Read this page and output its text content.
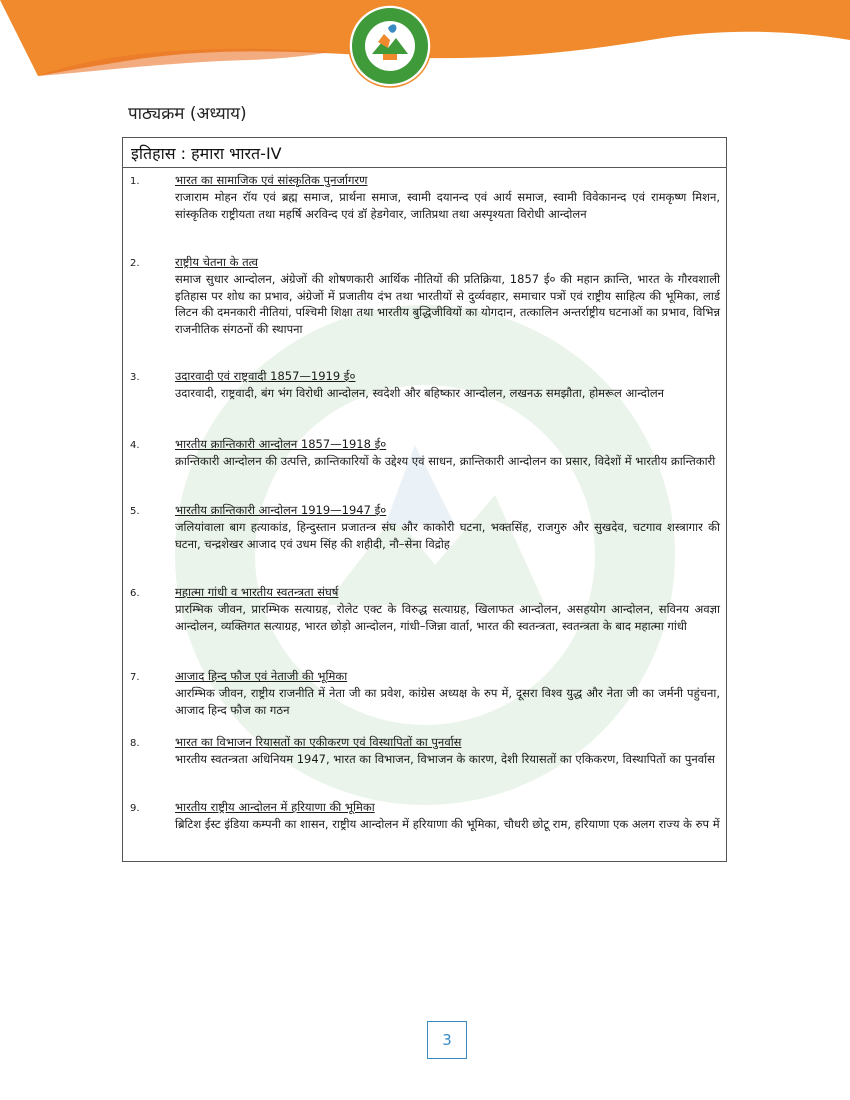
पाठ्यक्रम (अध्याय)
इतिहास : हमारा भारत-IV
1.	भारत का सामाजिक एवं सांस्कृतिक पुनर्जागरण
राजाराम मोहन रॉय एवं ब्रह्म समाज, प्रार्थना समाज, स्वामी दयानन्द एवं आर्य समाज, स्वामी विवेकानन्द एवं रामकृष्ण मिशन, सांस्कृतिक राष्ट्रीयता तथा महर्षि अरविन्द एवं डॉ हेडगेवार, जातिप्रथा तथा अस्पृश्यता विरोधी आन्दोलन
2.	राष्ट्रीय चेतना के तत्व
समाज सुधार आन्दोलन, अंग्रेजों की शोषणकारी आर्थिक नीतियों की प्रतिक्रिया, 1857 ई० की महान क्रान्ति, भारत के गौरवशाली इतिहास पर शोध का प्रभाव, अंग्रेजों में प्रजातीय दंभ तथा भारतीयों से दुर्व्यवहार, समाचार पत्रों एवं राष्ट्रीय साहित्य की भूमिका, लार्ड लिटन की दमनकारी नीतियां, पश्चिमी शिक्षा तथा भारतीय बुद्धिजीवियों का योगदान, तत्कालिन अन्तर्राष्ट्रीय घटनाओं का प्रभाव, विभिन्न राजनीतिक संगठनों की स्थापना
3.	उदारवादी एवं राष्ट्रवादी 1857—1919 ई०
उदारवादी, राष्ट्रवादी, बंग भंग विरोधी आन्दोलन, स्वदेशी और बहिष्कार आन्दोलन, लखनऊ समझौता, होमरूल आन्दोलन
4.	भारतीय क्रान्तिकारी आन्दोलन 1857—1918 ई०
क्रान्तिकारी आन्दोलन की उत्पत्ति, क्रान्तिकारियों के उद्देश्य एवं साधन, क्रान्तिकारी आन्दोलन का प्रसार, विदेशों में भारतीय क्रान्तिकारी
5.	भारतीय क्रान्तिकारी आन्दोलन 1919—1947 ई०
जलियांवाला बाग हत्याकांड, हिन्दुस्तान प्रजातन्त्र संघ और काकोरी घटना, भक्तसिंह, राजगुरु और सुखदेव, चटगाव शस्त्रागार की घटना, चन्द्रशेखर आजाद एवं उधम सिंह की शहीदी, नौ–सेना विद्रोह
6.	महात्मा गांधी व भारतीय स्वतन्त्रता संघर्ष
प्रारम्भिक जीवन, प्रारम्भिक सत्याग्रह, रोलेट एक्ट के विरुद्ध सत्याग्रह, खिलाफत आन्दोलन, असहयोग आन्दोलन, सविनय अवज्ञा आन्दोलन, व्यक्तिगत सत्याग्रह, भारत छोड़ो आन्दोलन, गांधी–जिन्ना वार्ता, भारत की स्वतन्त्रता, स्वतन्त्रता के बाद महात्मा गांधी
7.	आजाद हिन्द फौज एवं नेताजी की भूमिका
आरम्भिक जीवन, राष्ट्रीय राजनीति में नेता जी का प्रवेश, कांग्रेस अध्यक्ष के रुप में, दूसरा विश्व युद्ध और नेता जी का जर्मनी पहुंचना, आजाद हिन्द फौज का गठन
8.	भारत का विभाजन रियासतों का एकीकरण एवं विस्थापितों का पुनर्वास
भारतीय स्वतन्त्रता अधिनियम 1947, भारत का विभाजन, विभाजन के कारण, देशी रियासतों का एकिकरण, विस्थापितों का पुनर्वास
9.	भारतीय राष्ट्रीय आन्दोलन में हरियाणा की भूमिका
ब्रिटिश ईस्ट इंडिया कम्पनी का शासन, राष्ट्रीय आन्दोलन में हरियाणा की भूमिका, चौधरी छोटू राम, हरियाणा एक अलग राज्य के रुप में
3
